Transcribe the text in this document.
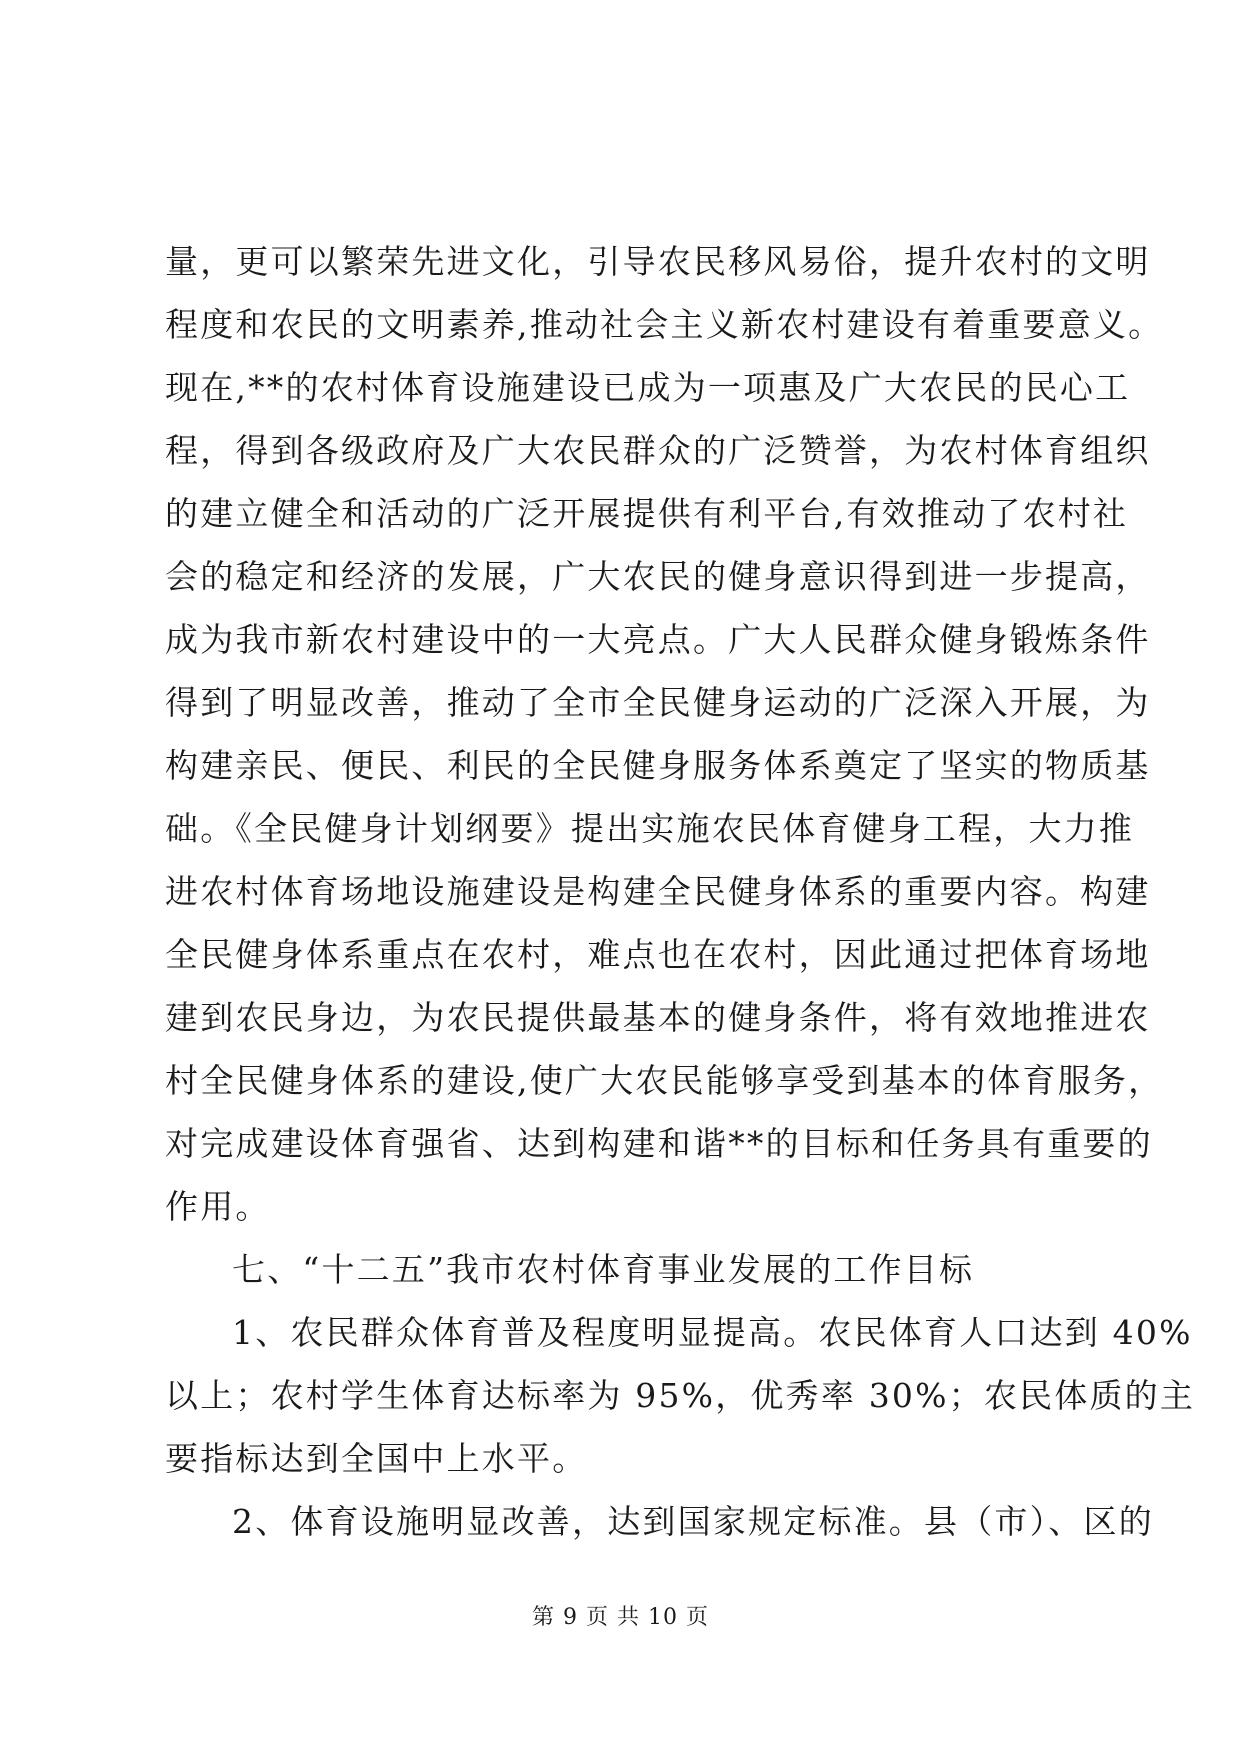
量，更可以繁荣先进文化，引导农民移风易俗，提升农村的文明
程度和农民的文明素养,推动社会主义新农村建设有着重要意义。
现在,**的农村体育设施建设已成为一项惠及广大农民的民心工
程，得到各级政府及广大农民群众的广泛赞誉，为农村体育组织
的建立健全和活动的广泛开展提供有利平台,有效推动了农村社
会的稳定和经济的发展，广大农民的健身意识得到进一步提高，
成为我市新农村建设中的一大亮点。广大人民群众健身锻炼条件
得到了明显改善，推动了全市全民健身运动的广泛深入开展，为
构建亲民、便民、利民的全民健身服务体系奠定了坚实的物质基
础。《全民健身计划纲要》提出实施农民体育健身工程，大力推
进农村体育场地设施建设是构建全民健身体系的重要内容。构建
全民健身体系重点在农村，难点也在农村，因此通过把体育场地
建到农民身边，为农民提供最基本的健身条件，将有效地推进农
村全民健身体系的建设,使广大农民能够享受到基本的体育服务，
对完成建设体育强省、达到构建和谐**的目标和任务具有重要的
作用。
七、“十二五”我市农村体育事业发展的工作目标
1、农民群众体育普及程度明显提高。农民体育人口达到 40%
以上；农村学生体育达标率为 95%，优秀率 30%；农民体质的主
要指标达到全国中上水平。
2、体育设施明显改善，达到国家规定标准。县（市）、区的
第 9 页 共 10 页
